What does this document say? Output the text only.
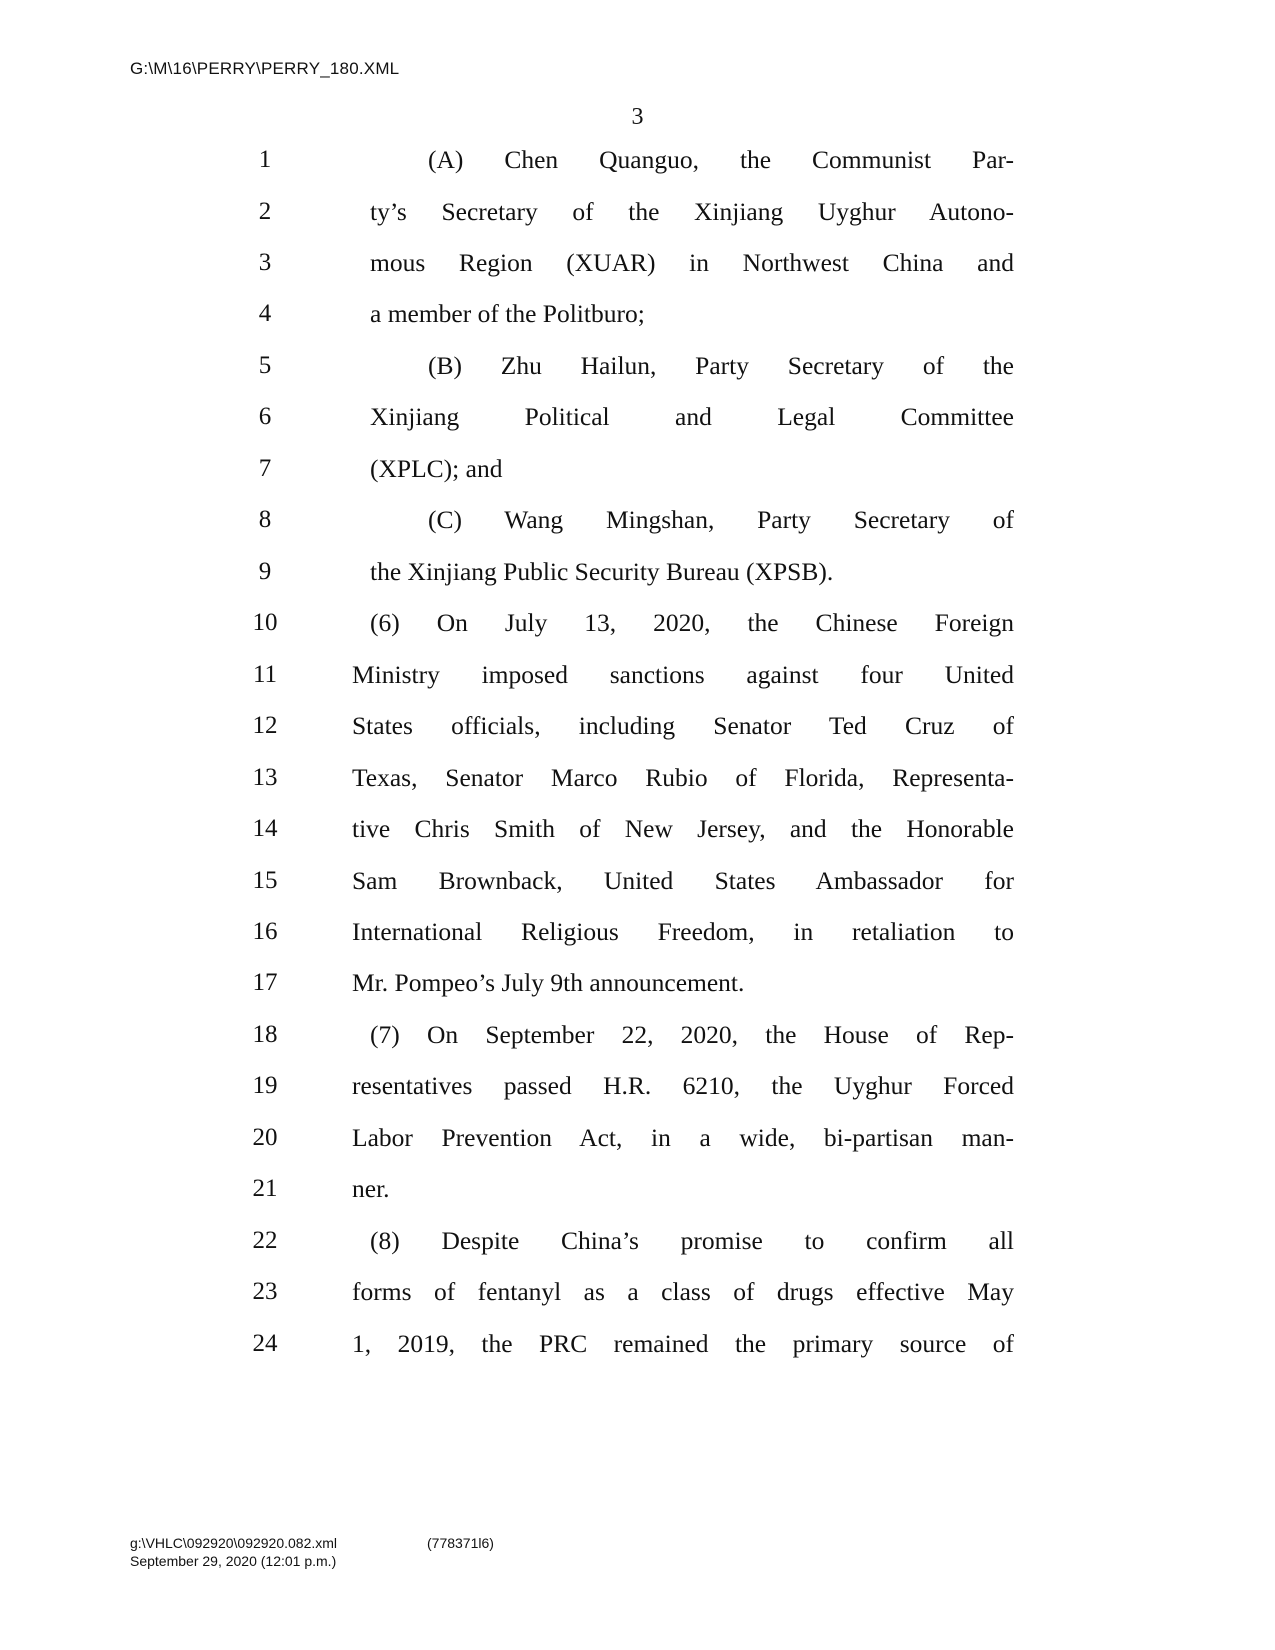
G:\M\16\PERRY\PERRY_180.XML
3
1	(A) Chen Quanguo, the Communist Par-
2	ty’s Secretary of the Xinjiang Uyghur Autono-
3	mous Region (XUAR) in Northwest China and
4	a member of the Politburo;
5	(B) Zhu Hailun, Party Secretary of the
6	Xinjiang Political and Legal Committee
7	(XPLC); and
8	(C) Wang Mingshan, Party Secretary of
9	the Xinjiang Public Security Bureau (XPSB).
10	(6) On July 13, 2020, the Chinese Foreign
11	Ministry imposed sanctions against four United
12	States officials, including Senator Ted Cruz of
13	Texas, Senator Marco Rubio of Florida, Representa-
14	tive Chris Smith of New Jersey, and the Honorable
15	Sam Brownback, United States Ambassador for
16	International Religious Freedom, in retaliation to
17	Mr. Pompeo’s July 9th announcement.
18	(7) On September 22, 2020, the House of Rep-
19	resentatives passed H.R. 6210, the Uyghur Forced
20	Labor Prevention Act, in a wide, bi-partisan man-
21	ner.
22	(8) Despite China’s promise to confirm all
23	forms of fentanyl as a class of drugs effective May
24	1, 2019, the PRC remained the primary source of
g:\VHLC\092920\092920.082.xml	(778371l6)
September 29, 2020 (12:01 p.m.)
